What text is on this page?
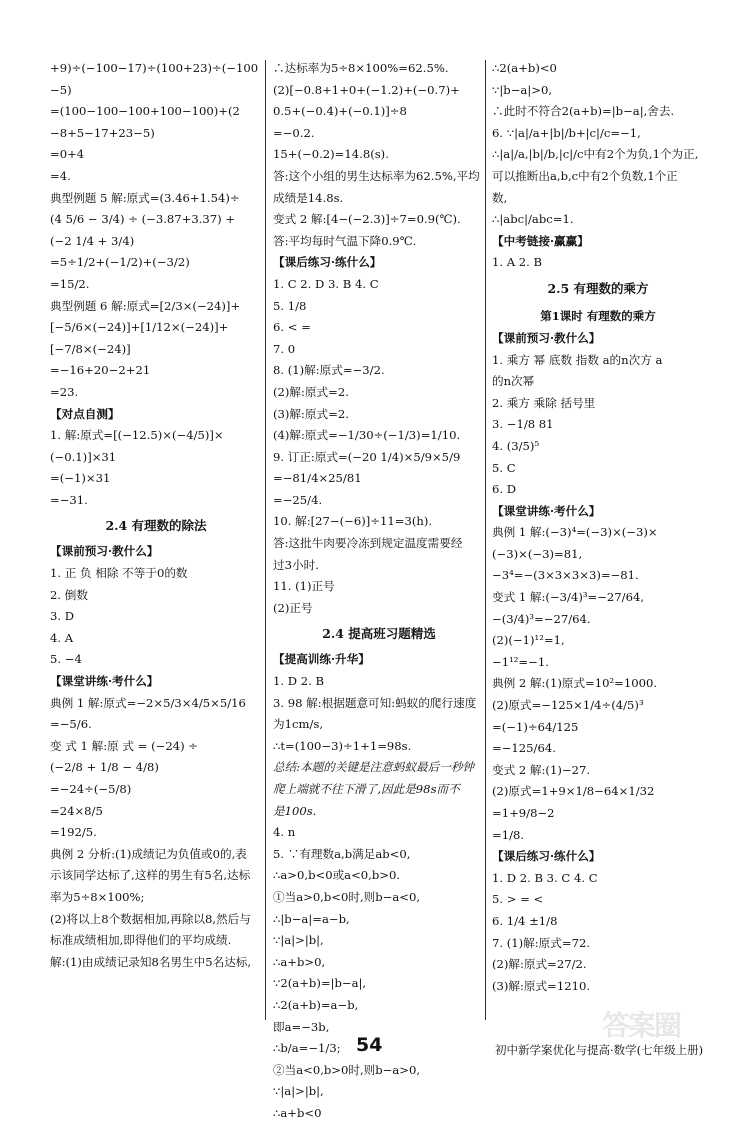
+9)÷(−100−17)÷(100+23)÷(−100
−5)
=(100−100−100+100−100)+(2
−8+5−17+23−5)
=0+4
=4.
典型例题 5 解:原式=(3.46+1.54)÷
(4 5/6 − 3/4) ÷ (−3.87+3.37) +
(−2 1/4 + 3/4)
=5÷1/2+(−1/2)+(−3/2)
=15/2.
典型例题 6 解:原式=[2/3×(−24)]+
[−5/6×(−24)]+[1/12×(−24)]+
[−7/8×(−24)]
=−16+20−2+21
=23.
【对点自测】
1. 解:原式=[(−12.5)×(−4/5)]×
(−0.1)]×31
=(−1)×31
=−31.
2.4 有理数的除法
【课前预习·教什么】
1. 正 负 相除 不等于0的数
2. 倒数
3. D
4. A
5. −4
【课堂讲练·考什么】
典例 1 解:原式=−2×5/3×4/5×5/16
=−5/6.
变 式 1 解:原 式 = (−24) ÷
(−2/8 + 1/8 − 4/8)
=−24÷(−5/8)
=24×8/5
=192/5.
典例 2 分析:(1)成绩记为负值或0的,表
示该同学达标了,这样的男生有5名,达标
率为5÷8×100%;
(2)将以上8个数据相加,再除以8,然后与
标准成绩相加,即得他们的平均成绩.
解:(1)由成绩记录知8名男生中5名达标,
∴达标率为5÷8×100%=62.5%.
(2)[−0.8+1+0+(−1.2)+(−0.7)+
0.5+(−0.4)+(−0.1)]÷8
=−0.2.
15+(−0.2)=14.8(s).
答:这个小组的男生达标率为62.5%,平均
成绩是14.8s.
变式 2 解:[4−(−2.3)]÷7=0.9(℃).
答:平均每时气温下降0.9℃.
【课后练习·练什么】
1. C 2. D 3. B 4. C
5. 1/8
6. < =
7. 0
8. (1)解:原式=−3/2.
(2)解:原式=2.
(3)解:原式=2.
(4)解:原式=−1/30÷(−1/3)=1/10.
9. 订正:原式=(−20 1/4)×5/9×5/9
=−81/4×25/81
=−25/4.
10. 解:[27−(−6)]÷11=3(h).
答:这批牛肉要冷冻到规定温度需要经
过3小时.
11. (1)正号
(2)正号
2.4 提高班习题精选
【提高训练·升华】
1. D 2. B
3. 98 解:根据题意可知:蚂蚁的爬行速度
为1cm/s,
∴t=(100−3)÷1+1=98s.
总结:本题的关键是注意蚂蚁最后一秒钟
爬上端就不往下滑了,因此是98s而不
是100s.
4. n
5. ∵有理数a,b满足ab<0,
∴a>0,b<0或a<0,b>0.
①当a>0,b<0时,则b−a<0,
∴|b−a|=a−b,
∵|a|>|b|,
∴a+b>0,
∵2(a+b)=|b−a|,
∴2(a+b)=a−b,
即a=−3b,
∴b/a=−1/3;
②当a<0,b>0时,则b−a>0,
∵|a|>|b|,
∴a+b<0
∴2(a+b)<0
∵|b−a|>0,
∴此时不符合2(a+b)=|b−a|,舍去.
6. ∵|a|/a+|b|/b+|c|/c=−1,
∴|a|/a,|b|/b,|c|/c中有2个为负,1个为正,
可以推断出a,b,c中有2个负数,1个正
数,
∴|abc|/abc=1.
【中考链接·赢赢】
1. A 2. B
2.5 有理数的乘方
第1课时 有理数的乘方
【课前预习·教什么】
1. 乘方 幂 底数 指数 a的n次方 a
的n次幂
2. 乘方 乘除 括号里
3. −1/8 81
4. (3/5)⁵
5. C
6. D
【课堂讲练·考什么】
典例 1 解:(−3)⁴=(−3)×(−3)×
(−3)×(−3)=81,
−3⁴=−(3×3×3×3)=−81.
变式 1 解:(−3/4)³=−27/64,
−(3/4)³=−27/64.
(2)(−1)¹²=1,
−1¹²=−1.
典例 2 解:(1)原式=10²=1000.
(2)原式=−125×1/4÷(4/5)³
=(−1)÷64/125
=−125/64.
变式 2 解:(1)−27.
(2)原式=1+9×1/8−64×1/32
=1+9/8−2
=1/8.
【课后练习·练什么】
1. D 2. B 3. C 4. C
5. > = <
6. 1/4 ±1/8
7. (1)解:原式=72.
(2)解:原式=27/2.
(3)解:原式=1210.
答案圈
54	初中新学案优化与提高·数学(七年级上册)
